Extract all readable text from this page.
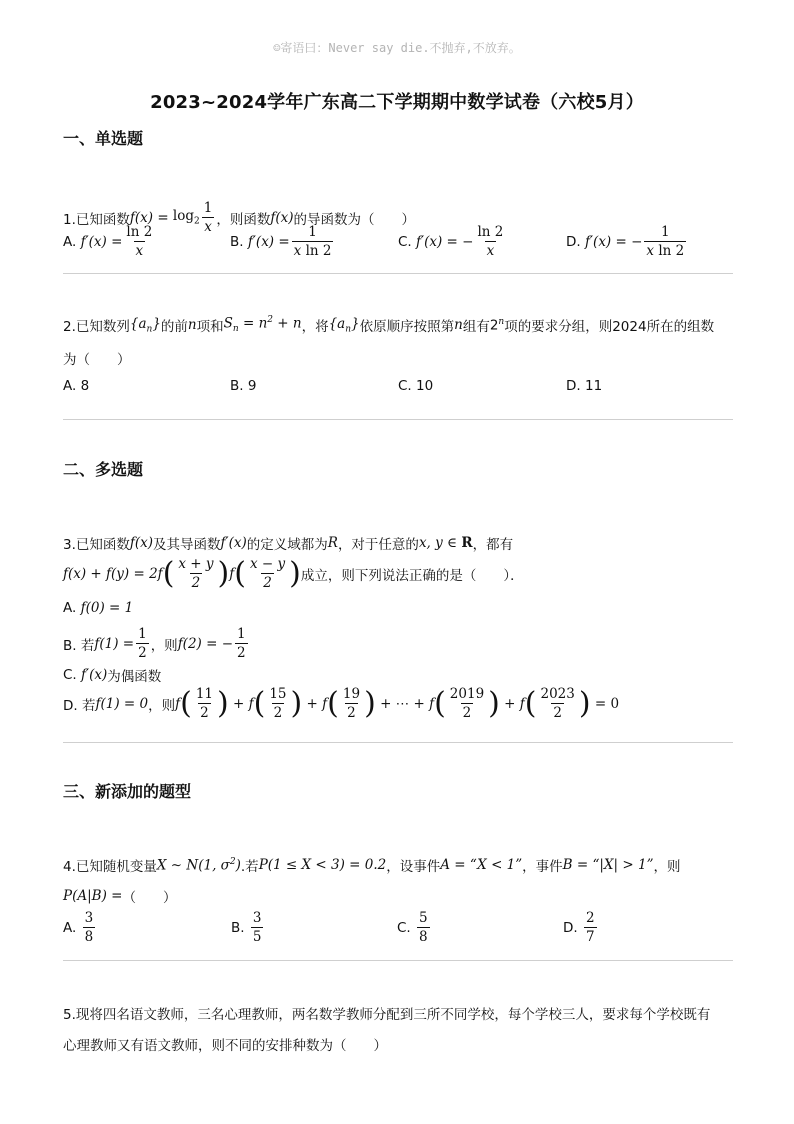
☺寄语曰：Never say die.不抛弃,不放弃。
2023~2024学年广东高二下学期期中数学试卷（六校5月）
一、单选题
1.已知函数 $f(x) = \log_2 \frac{1}{x}$ ，则函数 f(x) 的导函数为（　　）
A.
$f'(x) = \frac{\ln 2}{x}$	B.
$f'(x) = \frac{1}{\text{x ln 2}}$	C.
f′(x) = − $\frac{\ln 2}{x}$	D.
f′(x) = − $\frac{1}{\text{x ln 2}}$
2.已知数列 $\{a_n\}$ 的前 n 项和 $S_n = n^2 + n$ ，将 $\{a_n\}$ 依原顺序按照第 n 组有 2$^n$ 项的要求分组，则2024所在的组数
为（　　）
A. 8	B. 9	C. 10	D. 11
二、多选题
3.已知函数 f(x) 及其导函数 f′(x) 的定义域都为 R ，对于任意的 x, y ∈ R ，都有
f(x) + f(y) = 2f ( $\frac{x + y}{2}$ ) f ( $\frac{x - y}{2}$ ) 成立，则下列说法正确的是（　　）．
A.
f(0) = 1
B. 若 $f(1) = \frac{1}{2}$ ，则 f(2) = − $\frac{1}{2}$
C.
f′(x) 为偶函数
D. 若 f(1) = 0 ，则 f ( $\frac{11}{2}$ ) + f ( $\frac{15}{2}$ ) + f ( $\frac{19}{2}$ ) + ⋯ + f ( $\frac{2019}{2}$ ) + f ( $\frac{2023}{2}$ ) = 0
三、新添加的题型
4.已知随机变量 X ∼ N(1, $\sigma^2$) .若 P(1 ≤ X < 3) = 0.2 ，设事件 A = “X < 1” ，事件 B = “|X| > 1” ，则
P(A|B) = （　　）
A.
$\frac{3}{8}$	B.
$\frac{3}{5}$	C.
$\frac{5}{8}$	D.
$\frac{2}{7}$
5.现将四名语文教师，三名心理教师，两名数学教师分配到三所不同学校，每个学校三人，要求每个学校既有
心理教师又有语文教师，则不同的安排种数为（　　）
